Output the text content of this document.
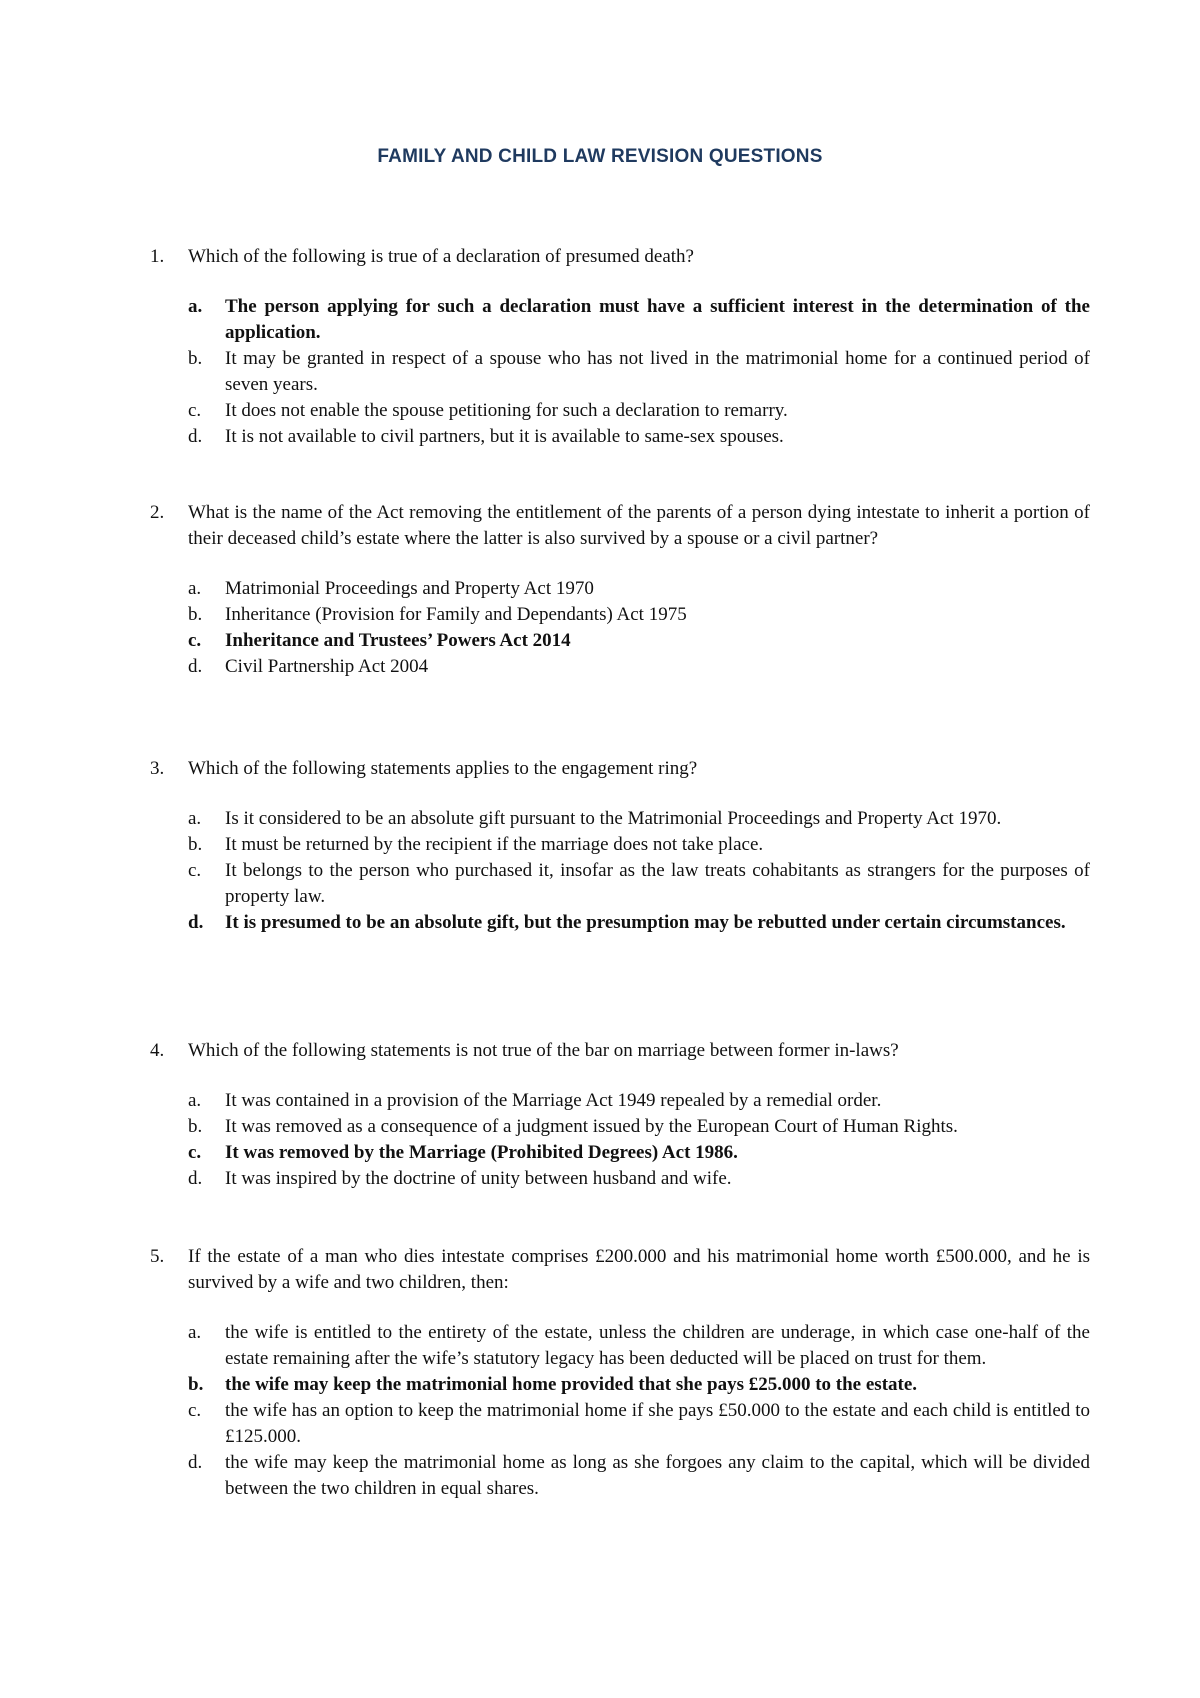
FAMILY AND CHILD LAW REVISION QUESTIONS
1. Which of the following is true of a declaration of presumed death?
a. The person applying for such a declaration must have a sufficient interest in the determination of the application.
b. It may be granted in respect of a spouse who has not lived in the matrimonial home for a continued period of seven years.
c. It does not enable the spouse petitioning for such a declaration to remarry.
d. It is not available to civil partners, but it is available to same-sex spouses.
2. What is the name of the Act removing the entitlement of the parents of a person dying intestate to inherit a portion of their deceased child’s estate where the latter is also survived by a spouse or a civil partner?
a. Matrimonial Proceedings and Property Act 1970
b. Inheritance (Provision for Family and Dependants) Act 1975
c. Inheritance and Trustees’ Powers Act 2014
d. Civil Partnership Act 2004
3. Which of the following statements applies to the engagement ring?
a. Is it considered to be an absolute gift pursuant to the Matrimonial Proceedings and Property Act 1970.
b. It must be returned by the recipient if the marriage does not take place.
c. It belongs to the person who purchased it, insofar as the law treats cohabitants as strangers for the purposes of property law.
d. It is presumed to be an absolute gift, but the presumption may be rebutted under certain circumstances.
4. Which of the following statements is not true of the bar on marriage between former in-laws?
a. It was contained in a provision of the Marriage Act 1949 repealed by a remedial order.
b. It was removed as a consequence of a judgment issued by the European Court of Human Rights.
c. It was removed by the Marriage (Prohibited Degrees) Act 1986.
d. It was inspired by the doctrine of unity between husband and wife.
5. If the estate of a man who dies intestate comprises £200.000 and his matrimonial home worth £500.000, and he is survived by a wife and two children, then:
a. the wife is entitled to the entirety of the estate, unless the children are underage, in which case one-half of the estate remaining after the wife’s statutory legacy has been deducted will be placed on trust for them.
b. the wife may keep the matrimonial home provided that she pays £25.000 to the estate.
c. the wife has an option to keep the matrimonial home if she pays £50.000 to the estate and each child is entitled to £125.000.
d. the wife may keep the matrimonial home as long as she forgoes any claim to the capital, which will be divided between the two children in equal shares.
